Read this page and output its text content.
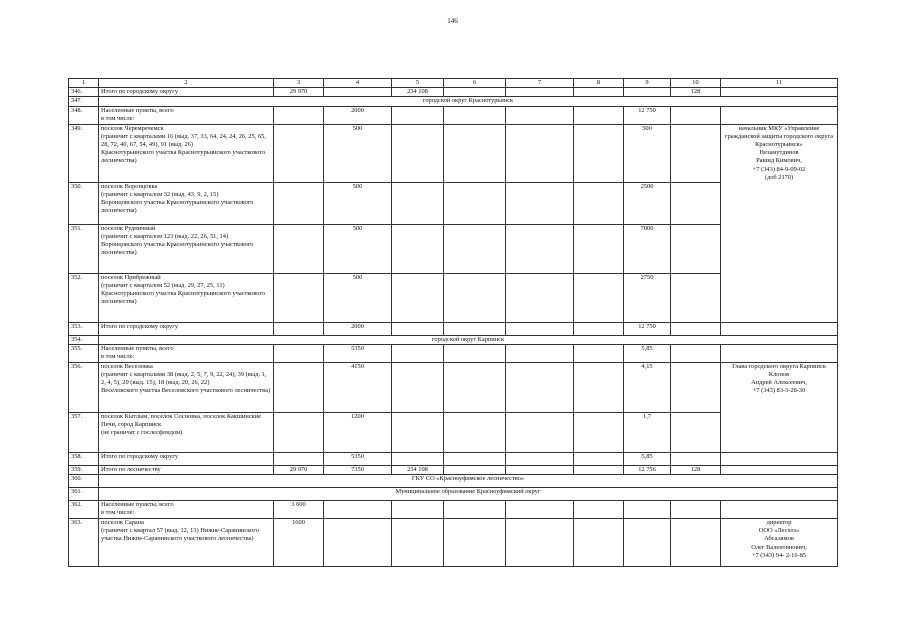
146
1	2	3	4	5	6	7	8	9	10	11
346.	Итого по городскому округу	29 970		234 108					128	
347.	городской округ Краснотурьинск									
348.	Населенные пункты, всего
в том числе:		2000					12 750		
349.	поселок Черемречемск
(граничит с кварталами 16 (выд. 37, 33, 64, 24, 24, 26, 25, 65, 28, 72, 40, 67, 54, 49), 91 (выд. 26)
Краснотурьинского участка Краснотурьинского участкового лесничества)		500					500		начальник МКУ «Управление гражданской защиты городского округа Краснотурьинск»
Незамутдинов
Рашид Кимович,
+7 (343) 84-9-09-02
(доб 2170)
350.	поселок Воронцовка
(граничит с кварталом 32 (выд. 43, 9, 2, 15)
Воронцовского участка Краснотурьинского участкового лесничества)		500					2500		
351.	поселок Рудничный
(граничит с кварталом 123 (выд. 22, 26, 51, 14)
Воронцовского участка Краснотурьинского участкового лесничества)		500					7000		
352.	поселок Прибрежный
(граничит с кварталом 52 (выд. 29, 27, 25, 11)
Краснотурьинского участка Краснотурьинского участкового лесничества)		500					2750		
353.	Итого по городскому округу		2000					12 750		
354.	городской округ Карпинск									
355.	Населенные пункты, всего
в том числе:		5350					5,85		
356.	поселок Веселовка
(граничит с кварталами 38 (выд. 2, 5, 7, 9, 22, 24), 39 (выд. 1, 2, 4, 5), 20 (выд. 15), 18 (выд. 20, 26, 22)
Веселовского участка Веселовского участкового лесничества)		4150					4,15		Глава городского округа Карпинск
Клопов
Андрей Алексеевич,
+7 (343) 83-3-28-30
357.	поселок Кытлым, поселок Сосновка, поселок Какшинские Печи, город Карпинск
(не граничат с гослесфондом)		1200					1,7		
358.	Итого по городскому округу		5350					5,85		
359.	Итого по лесничеству	29 970	7350	234 108				12 756	128	
360.	ГКУ СО «Красноуфимское лесничество»									
361.	Муниципальное образование Красноуфимский округ									
362.	Населенные пункты, всего
в том числе:	3 600								
363.	поселок Сарана
(граничит с квартал 57 (выд. 12, 13) Нижне-Саранинского участка Нижне-Саранинского участкового лесничества)	1600								директор
ООО «Лесхоз»
Абсалямов
Олег Валентинович,
+7 (343) 94- 2-16-85
